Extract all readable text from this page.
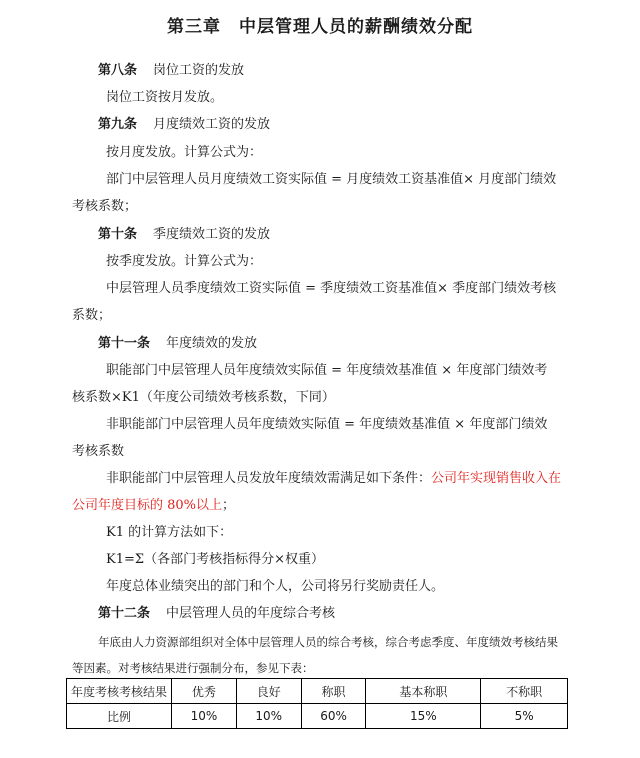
第三章　中层管理人员的薪酬绩效分配
第八条 岗位工资的发放
岗位工资按月发放。
第九条 月度绩效工资的发放
按月度发放。计算公式为：
部门中层管理人员月度绩效工资实际值 = 月度绩效工资基准值× 月度部门绩效
考核系数；
第十条 季度绩效工资的发放
按季度发放。计算公式为：
中层管理人员季度绩效工资实际值 = 季度绩效工资基准值× 季度部门绩效考核
系数；
第十一条 年度绩效的发放
职能部门中层管理人员年度绩效实际值 = 年度绩效基准值 × 年度部门绩效考
核系数×K1（年度公司绩效考核系数，下同）
非职能部门中层管理人员年度绩效实际值 = 年度绩效基准值 × 年度部门绩效
考核系数
非职能部门中层管理人员发放年度绩效需满足如下条件：公司年实现销售收入在
公司年度目标的 80%以上；
K1 的计算方法如下：
K1=Σ（各部门考核指标得分×权重）
年度总体业绩突出的部门和个人，公司将另行奖励责任人。
第十二条 中层管理人员的年度综合考核
年底由人力资源部组织对全体中层管理人员的综合考核，综合考虑季度、年度绩效考核结果
等因素。对考核结果进行强制分布，参见下表：
年度考核考核结果	优秀	良好	称职	基本称职	不称职
比例	10%	10%	60%	15%	5%
